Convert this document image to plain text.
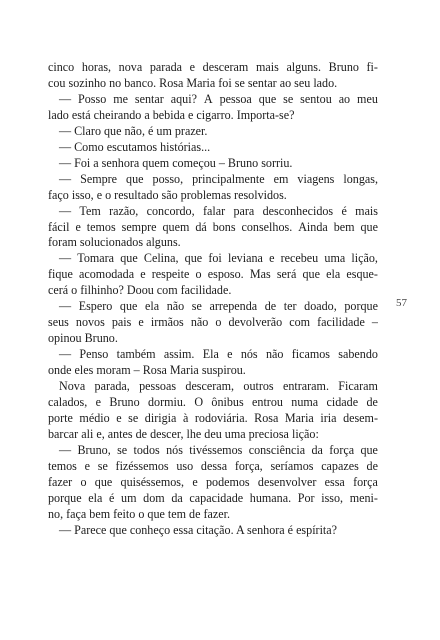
cinco horas, nova parada e desceram mais alguns. Bruno fi-
cou sozinho no banco. Rosa Maria foi se sentar ao seu lado.
— Posso me sentar aqui? A pessoa que se sentou ao meu
lado está cheirando a bebida e cigarro. Importa-se?
— Claro que não, é um prazer.
— Como escutamos histórias...
— Foi a senhora quem começou – Bruno sorriu.
— Sempre que posso, principalmente em viagens longas,
faço isso, e o resultado são problemas resolvidos.
— Tem razão, concordo, falar para desconhecidos é mais
fácil e temos sempre quem dá bons conselhos. Ainda bem que
foram solucionados alguns.
— Tomara que Celina, que foi leviana e recebeu uma lição,
fique acomodada e respeite o esposo. Mas será que ela esque-
cerá o filhinho? Doou com facilidade.
— Espero que ela não se arrependa de ter doado, porque
seus novos pais e irmãos não o devolverão com facilidade –
opinou Bruno.
— Penso também assim. Ela e nós não ficamos sabendo
onde eles moram – Rosa Maria suspirou.
Nova parada, pessoas desceram, outros entraram. Ficaram
calados, e Bruno dormiu. O ônibus entrou numa cidade de
porte médio e se dirigia à rodoviária. Rosa Maria iria desem-
barcar ali e, antes de descer, lhe deu uma preciosa lição:
— Bruno, se todos nós tivéssemos consciência da força que
temos e se fizéssemos uso dessa força, seríamos capazes de
fazer o que quiséssemos, e podemos desenvolver essa força
porque ela é um dom da capacidade humana. Por isso, meni-
no, faça bem feito o que tem de fazer.
— Parece que conheço essa citação. A senhora é espírita?
57
